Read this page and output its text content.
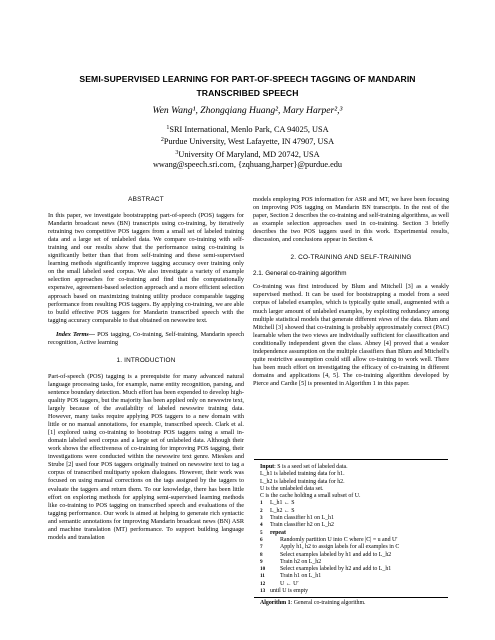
SEMI-SUPERVISED LEARNING FOR PART-OF-SPEECH TAGGING OF MANDARIN
TRANSCRIBED SPEECH
Wen Wang¹, Zhongqiang Huang², Mary Harper²,³
$^1$SRI International, Menlo Park, CA 94025, USA
$^2$Purdue University, West Lafayette, IN 47907, USA
$^3$University Of Maryland, MD 20742, USA
wwang@speech.sri.com, {zqhuang,harper}@purdue.edu
ABSTRACT

In this paper, we investigate bootstrapping part-of-speech (POS) taggers for Mandarin broadcast news (BN) transcripts using co-training, by iteratively retraining two competitive POS taggers from a small set of labeled training data and a large set of unlabeled data. We compare co-training with self-training and our results show that the performance using co-training is significantly better than that from self-training and these semi-supervised learning methods significantly improve tagging accuracy over training only on the small labeled seed corpus. We also investigate a variety of example selection approaches for co-training and find that the computationally expensive, agreement-based selection approach and a more efficient selection approach based on maximizing training utility produce comparable tagging performance from resulting POS taggers. By applying co-training, we are able to build effective POS taggers for Mandarin transcribed speech with the tagging accuracy comparable to that obtained on newswire text.

Index Terms— POS tagging, Co-training, Self-training, Mandarin speech recognition, Active learning

1. INTRODUCTION

Part-of-speech (POS) tagging is a prerequisite for many advanced natural language processing tasks, for example, name entity recognition, parsing, and sentence boundary detection. Much effort has been expended to develop high-quality POS taggers, but the majority has been applied only on newswire text, largely because of the availability of labeled newswire training data. However, many tasks require applying POS taggers to a new domain with little or no manual annotations, for example, transcribed speech. Clark et al. [1] explored using co-training to bootstrap POS taggers using a small in-domain labeled seed corpus and a large set of unlabeled data. Although their work shows the effectiveness of co-training for improving POS tagging, their investigations were conducted within the newswire text genre. Mieskes and Strube [2] used four POS taggers originally trained on newswire text to tag a corpus of transcribed multiparty spoken dialogues. However, their work was focused on using manual corrections on the tags assigned by the taggers to evaluate the taggers and return them. To our knowledge, there has been little effort on exploring methods for applying semi-supervised learning methods like co-training to POS tagging on transcribed speech and evaluations of the tagging performance. Our work is aimed at helping to generate rich syntactic and semantic annotations for improving Mandarin broadcast news (BN) ASR and machine translation (MT) performance. To support building language models and translation

models employing POS information for ASR and MT, we have been focusing on improving POS tagging on Mandarin BN transcripts. In the rest of the paper, Section 2 describes the co-training and self-training algorithms, as well as example selection approaches used in co-training. Section 3 briefly describes the two POS taggers used in this work. Experimental results, discussion, and conclusions appear in Section 4.

2. CO-TRAINING AND SELF-TRAINING
2.1. General co-training algorithm

Co-training was first introduced by Blum and Mitchell [3] as a weakly supervised method. It can be used for bootstrapping a model from a seed corpus of labeled examples, which is typically quite small, augmented with a much larger amount of unlabeled examples, by exploiting redundancy among multiple statistical models that generate different views of the data. Blum and Mitchell [3] showed that co-training is probably approximately correct (PAC) learnable when the two views are individually sufficient for classification and conditionally independent given the class. Abney [4] proved that a weaker independence assumption on the multiple classifiers than Blum and Mitchell's quite restrictive assumption could still allow co-training to work well. There has been much effort on investigating the efficacy of co-training in different domains and applications [4, 5]. The co-training algorithm developed by Pierce and Cardie [5] is presented in Algorithm 1 in this paper.

Input: S is a seed set of labeled data.
L_h1 is labeled training data for h1.
L_h2 is labeled training data for h2.
U is the unlabeled data set.
C is the cache holding a small subset of U.
1 L_h1 ← S
2 L_h2 ← S
3 Train classifier h1 on L_h1
4 Train classifier h2 on L_h2
5 repeat
6	Randomly partition U into C where |C| = u and U′
7	Apply h1, h2 to assign labels for all examples in C
8	Select examples labeled by h1 and add to L_h2
9	Train h2 on L_h2
10	Select examples labeled by h2 and add to L_h1
11	Train h1 on L_h1
12	U ← U′
13 until U is empty
Algorithm 1: General co-training algorithm.
